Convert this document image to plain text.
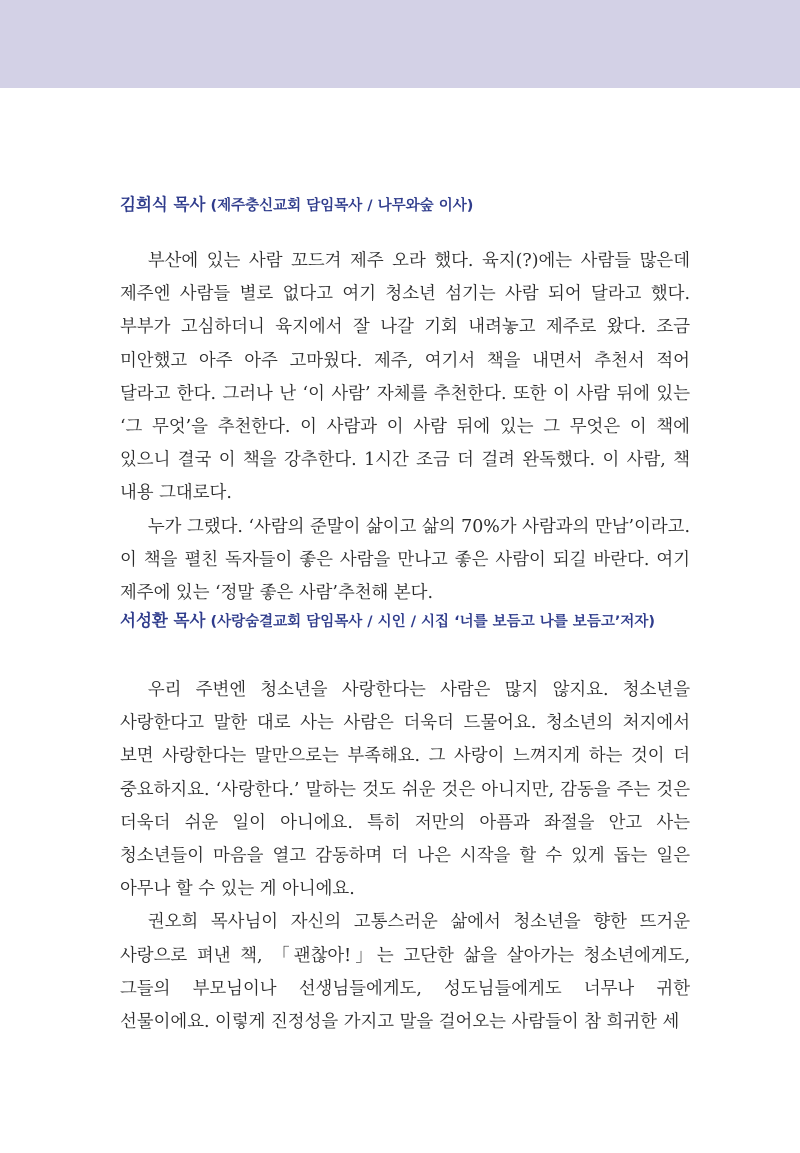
김희식 목사 (제주충신교회 담임목사 / 나무와숲 이사)

부산에 있는 사람 꼬드겨 제주 오라 했다. 육지(?)에는 사람들 많은데 제주엔 사람들 별로 없다고 여기 청소년 섬기는 사람 되어 달라고 했다. 부부가 고심하더니 육지에서 잘 나갈 기회 내려놓고 제주로 왔다. 조금 미안했고 아주 아주 고마웠다. 제주, 여기서 책을 내면서 추천서 적어 달라고 한다. 그러나 난 ‘이 사람’ 자체를 추천한다. 또한 이 사람 뒤에 있는 ‘그 무엇’을 추천한다. 이 사람과 이 사람 뒤에 있는 그 무엇은 이 책에 있으니 결국 이 책을 강추한다. 1시간 조금 더 걸려 완독했다. 이 사람, 책 내용 그대로다.

누가 그랬다. ‘사람의 준말이 삶이고 삶의 70%가 사람과의 만남’이라고. 이 책을 펼친 독자들이 좋은 사람을 만나고 좋은 사람이 되길 바란다. 여기 제주에 있는 ‘정말 좋은 사람’추천해 본다.

서성환 목사 (사랑숨결교회 담임목사 / 시인 / 시집 ‘너를 보듬고 나를 보듬고’저자)

우리 주변엔 청소년을 사랑한다는 사람은 많지 않지요. 청소년을 사랑한다고 말한 대로 사는 사람은 더욱더 드물어요. 청소년의 처지에서 보면 사랑한다는 말만으로는 부족해요. 그 사랑이 느껴지게 하는 것이 더 중요하지요. ‘사랑한다.’ 말하는 것도 쉬운 것은 아니지만, 감동을 주는 것은 더욱더 쉬운 일이 아니에요. 특히 저만의 아픔과 좌절을 안고 사는 청소년들이 마음을 열고 감동하며 더 나은 시작을 할 수 있게 돕는 일은 아무나 할 수 있는 게 아니에요.

권오희 목사님이 자신의 고통스러운 삶에서 청소년을 향한 뜨거운 사랑으로 펴낸 책, 「괜찮아!」는 고단한 삶을 살아가는 청소년에게도, 그들의 부모님이나 선생님들에게도, 성도님들에게도 너무나 귀한 선물이에요. 이렇게 진정성을 가지고 말을 걸어오는 사람들이 참 희귀한 세
